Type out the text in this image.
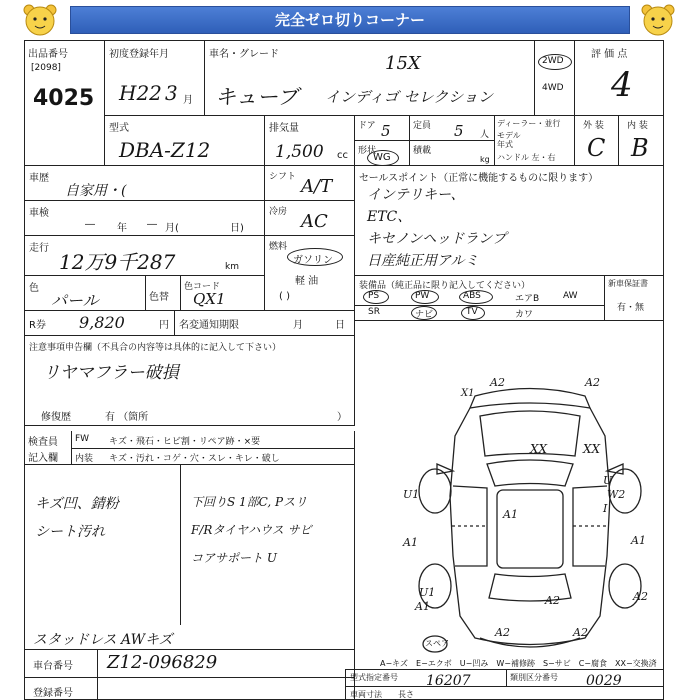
完全ゼロ切りコーナー
出品番号
[2098]
4025
初度登録年月
H22 3 月
車名・グレード	15X
キューブ インディゴ セレクション
2WD
4WD
評 価 点
4
型式
DBA-Z12
排気量
1,500 cc
ドア 5 定員 5 人
形状
WG
積載
kg
ディーラー・並行
モデル
年式
ハンドル 左・右
外 装
C
内 装
B
車歴
自家用・(
シフト A/T
車検
― 年 ― 月(	日)
冷房 AC
走行
12万9千287	km
燃料
ガソリン
軽 油
( )
色
パール	色替
色コード
QX1
セールスポイント（正常に機能するものに限ります）
インテリキー、
ETC、
キセノンヘッドランプ
日産純正用アルミ
装備品（純正品に限り記入してください）
PS	PW	ABS	エアB	AW
SR	ナビ	TV	カワ
新車保証書
有・無
R券 9,820	円 名変通知期限	月	日
注意事項申告欄（不具合の内容等は具体的に記入して下さい）
リヤマフラー破損
修復歴	有 （箇所	）
検査員
記入欄
FW キズ・飛石・ヒビ割・リペア跡・×要
内装 キズ・汚れ・コゲ・穴・スレ・キレ・破し
キズ凹、錆粉
シート汚れ
下回りS 1部C, Pスリ
F/Rタイヤハウス サビ
コアサポート U
スタッドレス AWキズ
車台番号 Z12-096829
登録番号
A−キズ　E−エクボ　U−凹み　W−補修跡　S−サビ　C−腐食　XX−交換済
型式指定番号 16207	類別区分番号 0029
車両寸法 長さ
A2	A2
X1
XX	XX
U1
U
W2
I
A1
A1	A1
U1
A1	A2	A2
A2	A2
スペア
